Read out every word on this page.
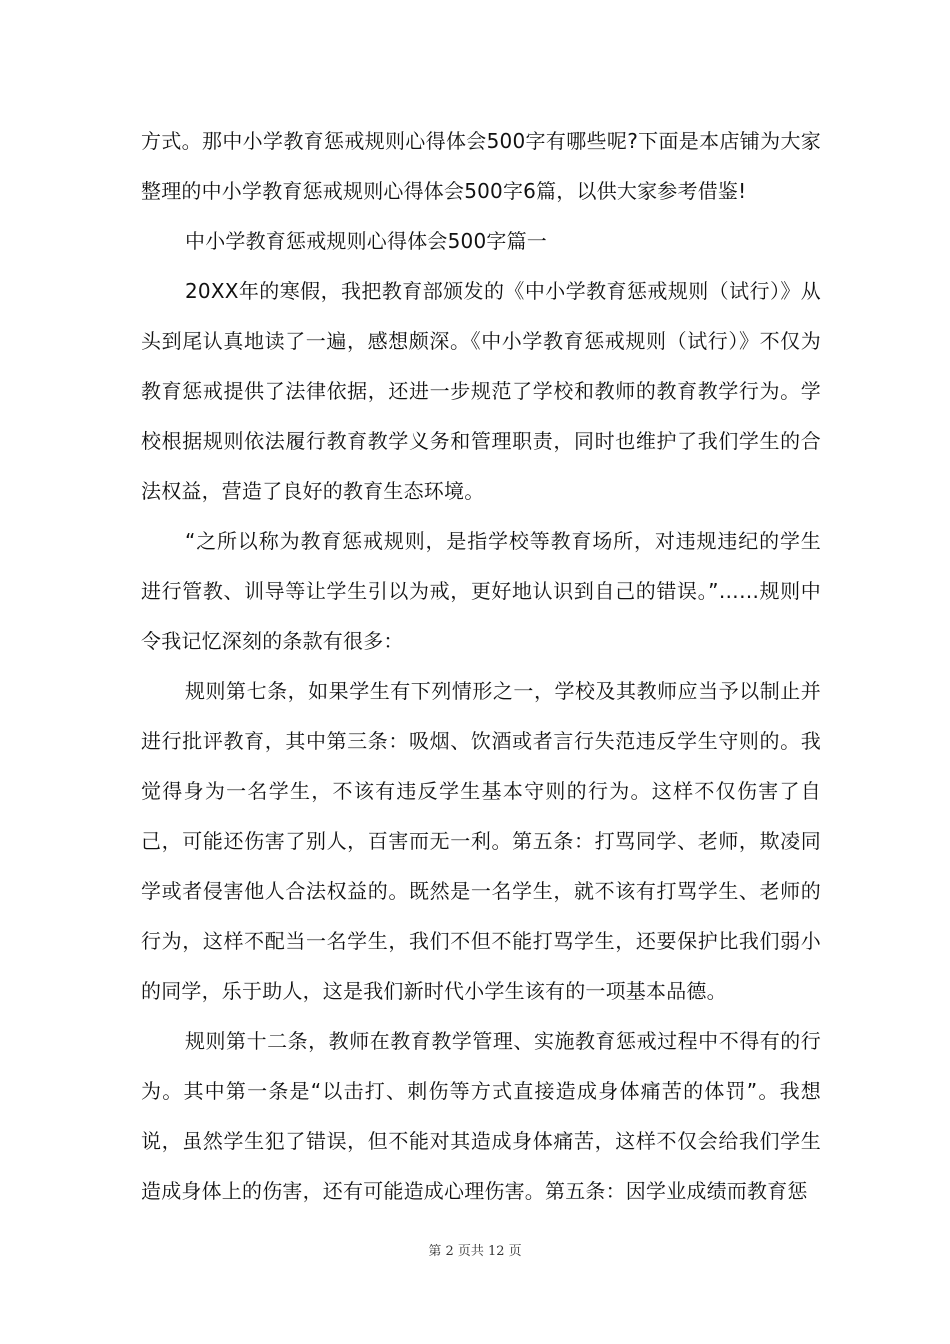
方式。那中小学教育惩戒规则心得体会500字有哪些呢?下面是本店铺为大家整理的中小学教育惩戒规则心得体会500字6篇，以供大家参考借鉴!

中小学教育惩戒规则心得体会500字篇一

20XX年的寒假，我把教育部颁发的《中小学教育惩戒规则（试行）》从头到尾认真地读了一遍，感想颇深。《中小学教育惩戒规则（试行）》不仅为教育惩戒提供了法律依据，还进一步规范了学校和教师的教育教学行为。学校根据规则依法履行教育教学义务和管理职责，同时也维护了我们学生的合法权益，营造了良好的教育生态环境。

“之所以称为教育惩戒规则，是指学校等教育场所，对违规违纪的学生进行管教、训导等让学生引以为戒，更好地认识到自己的错误。”……规则中令我记忆深刻的条款有很多：

规则第七条，如果学生有下列情形之一，学校及其教师应当予以制止并进行批评教育，其中第三条：吸烟、饮酒或者言行失范违反学生守则的。我觉得身为一名学生，不该有违反学生基本守则的行为。这样不仅伤害了自己，可能还伤害了别人，百害而无一利。第五条：打骂同学、老师，欺凌同学或者侵害他人合法权益的。既然是一名学生，就不该有打骂学生、老师的行为，这样不配当一名学生，我们不但不能打骂学生，还要保护比我们弱小的同学，乐于助人，这是我们新时代小学生该有的一项基本品德。

规则第十二条，教师在教育教学管理、实施教育惩戒过程中不得有的行为。其中第一条是“以击打、刺伤等方式直接造成身体痛苦的体罚”。我想说，虽然学生犯了错误，但不能对其造成身体痛苦，这样不仅会给我们学生造成身体上的伤害，还有可能造成心理伤害。第五条：因学业成绩而教育惩

第 2 页共 12 页
